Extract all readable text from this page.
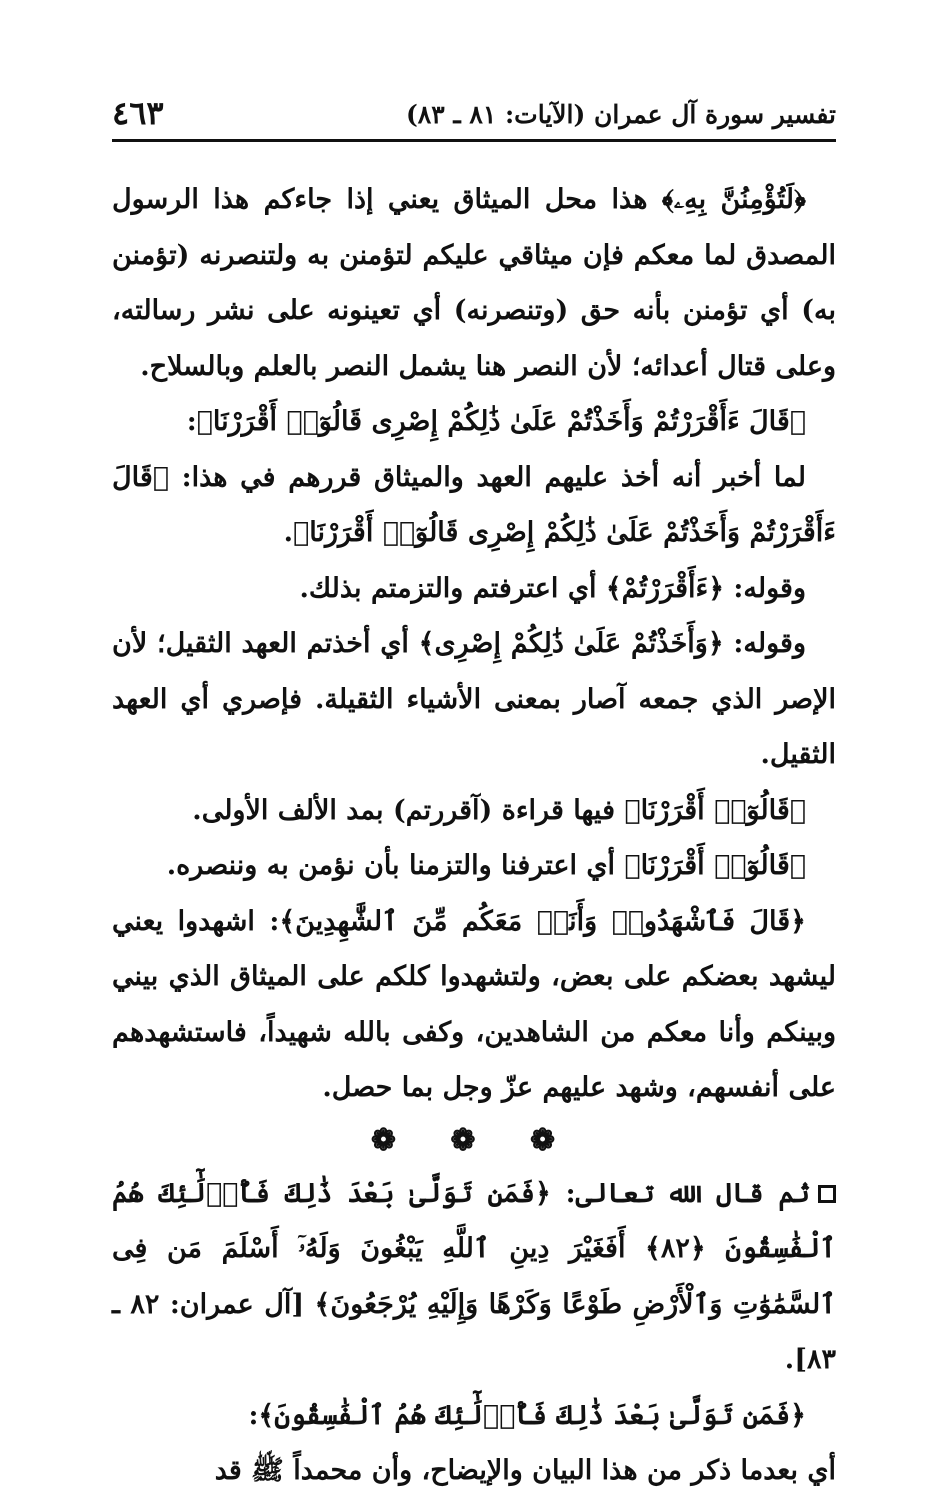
تفسير سورة آل عمران (الآيات: ٨١ ـ ٨٣)
٤٦٣

﴿لَتُؤْمِنُنَّ بِهِۦ﴾ هذا محل الميثاق يعني إذا جاءكم هذا الرسول المصدق لما معكم فإن ميثاقي عليكم لتؤمنن به ولتنصرنه (تؤمنن به) أي تؤمنن بأنه حق (وتنصرنه) أي تعينونه على نشر رسالته، وعلى قتال أعدائه؛ لأن النصر هنا يشمل النصر بالعلم وبالسلاح.

﴿قَالَ ءَأَقْرَرْتُمْ وَأَخَذْتُمْ عَلَىٰ ذَٰلِكُمْ إِصْرِى قَالُوٓا۟ أَقْرَرْنَا﴾:

لما أخبر أنه أخذ عليهم العهد والميثاق قررهم في هذا: ﴿قَالَ ءَأَقْرَرْتُمْ وَأَخَذْتُمْ عَلَىٰ ذَٰلِكُمْ إِصْرِى قَالُوٓا۟ أَقْرَرْنَا﴾.

وقوله: ﴿ءَأَقْرَرْتُمْ﴾ أي اعترفتم والتزمتم بذلك.

وقوله: ﴿وَأَخَذْتُمْ عَلَىٰ ذَٰلِكُمْ إِصْرِى﴾ أي أخذتم العهد الثقيل؛ لأن الإصر الذي جمعه آصار بمعنى الأشياء الثقيلة. فإصري أي العهد الثقيل.

﴿قَالُوٓا۟ أَقْرَرْنَا﴾ فيها قراءة (آقررتم) بمد الألف الأولى.

﴿قَالُوٓا۟ أَقْرَرْنَا﴾ أي اعترفنا والتزمنا بأن نؤمن به وننصره.

﴿قَالَ فَٱشْهَدُوا۟ وَأَنَا۠ مَعَكُم مِّنَ ٱلشَّٰهِدِينَ﴾: اشهدوا يعني ليشهد بعضكم على بعض، ولتشهدوا كلكم على الميثاق الذي بيني وبينكم وأنا معكم من الشاهدين، وكفى بالله شهيداً، فاستشهدهم على أنفسهم، وشهد عليهم عزّ وجل بما حصل.

❁ ❁ ❁

ثم قال الله تعالى: ﴿فَمَن تَوَلَّىٰ بَعْدَ ذَٰلِكَ فَأُو۟لَٰٓئِكَ هُمُ ٱلْفَٰسِقُونَ ﴿٨٢﴾ أَفَغَيْرَ دِينِ ٱللَّهِ يَبْغُونَ وَلَهُۥٓ أَسْلَمَ مَن فِى ٱلسَّمَٰوَٰتِ وَٱلْأَرْضِ طَوْعًا وَكَرْهًا وَإِلَيْهِ يُرْجَعُونَ﴾ [آل عمران: ٨٢ ـ ٨٣].

﴿فَمَن تَوَلَّىٰ بَعْدَ ذَٰلِكَ فَأُو۟لَٰٓئِكَ هُمُ ٱلْفَٰسِقُونَ﴾:

أي بعدما ذكر من هذا البيان والإيضاح، وأن محمداً ﷺ قد
